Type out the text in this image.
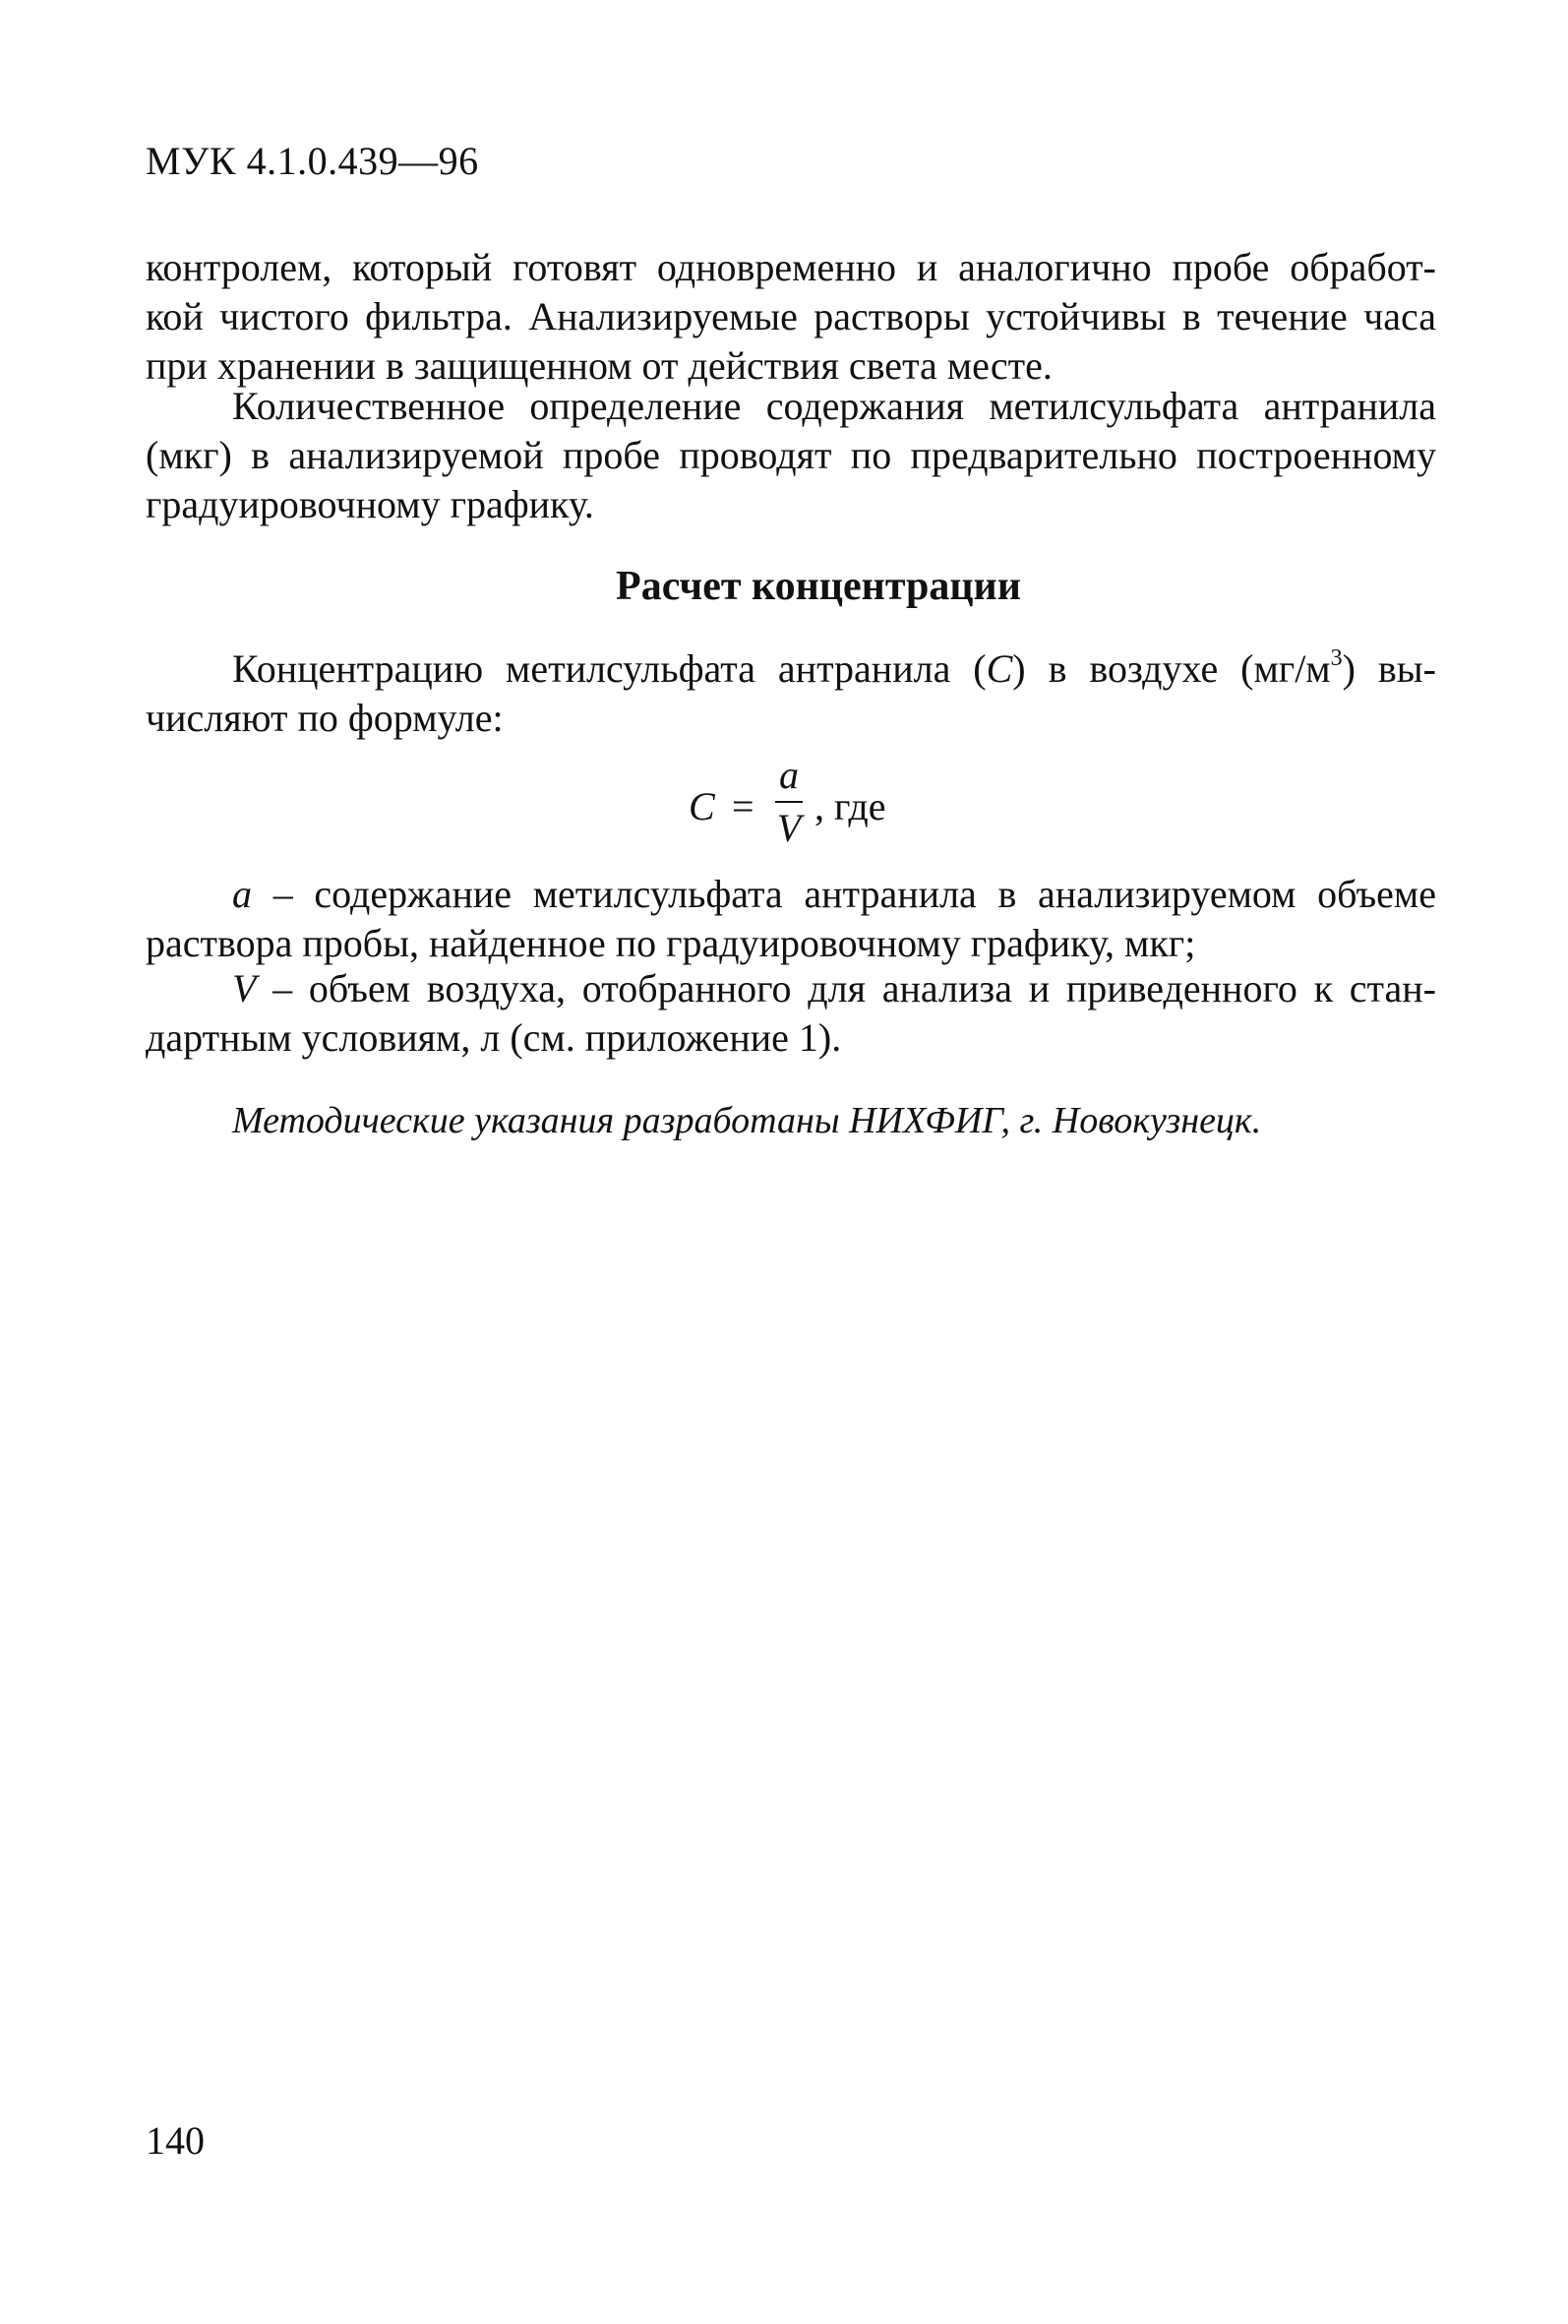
МУК 4.1.0.439—96

контролем, который готовят одновременно и аналогично пробе обработ-
кой чистого фильтра. Анализируемые растворы устойчивы в течение часа
при хранении в защищенном от действия света месте.
Количественное определение содержания метилсульфата антранила
(мкг) в анализируемой пробе проводят по предварительно построенному
градуировочному графику.
Расчет концентрации
Концентрацию метилсульфата антранила (С) в воздухе $(мг/м^3)$ вы-
числяют по формуле:
С =
a
V , где
а – содержание метилсульфата антранила в анализируемом объеме
раствора пробы, найденное по градуировочному графику, мкг;
V – объем воздуха, отобранного для анализа и приведенного к стан-
дартным условиям, л (см. приложение 1).

Методические указания разработаны НИХФИГ, г. Новокузнецк.

140
